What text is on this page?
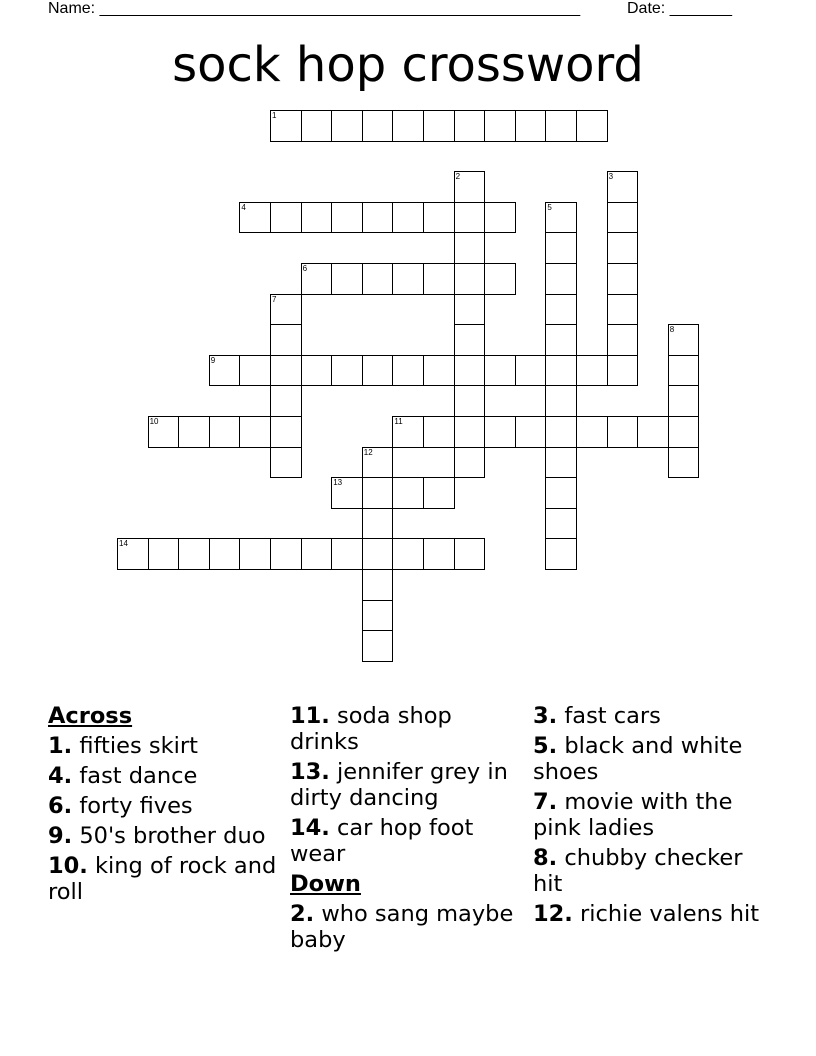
Name: ______________________________________________________	Date: _______
sock hop crossword
1
2	3
4	5
6
7
8
9
10	11
12
13
14
Across
1. fifties skirt
4. fast dance
6. forty fives
9. 50's brother duo
10. king of rock and roll
11. soda shop drinks
13. jennifer grey in dirty dancing
14. car hop foot wear
Down
2. who sang maybe baby
3. fast cars
5. black and white shoes
7. movie with the pink ladies
8. chubby checker hit
12. richie valens hit
